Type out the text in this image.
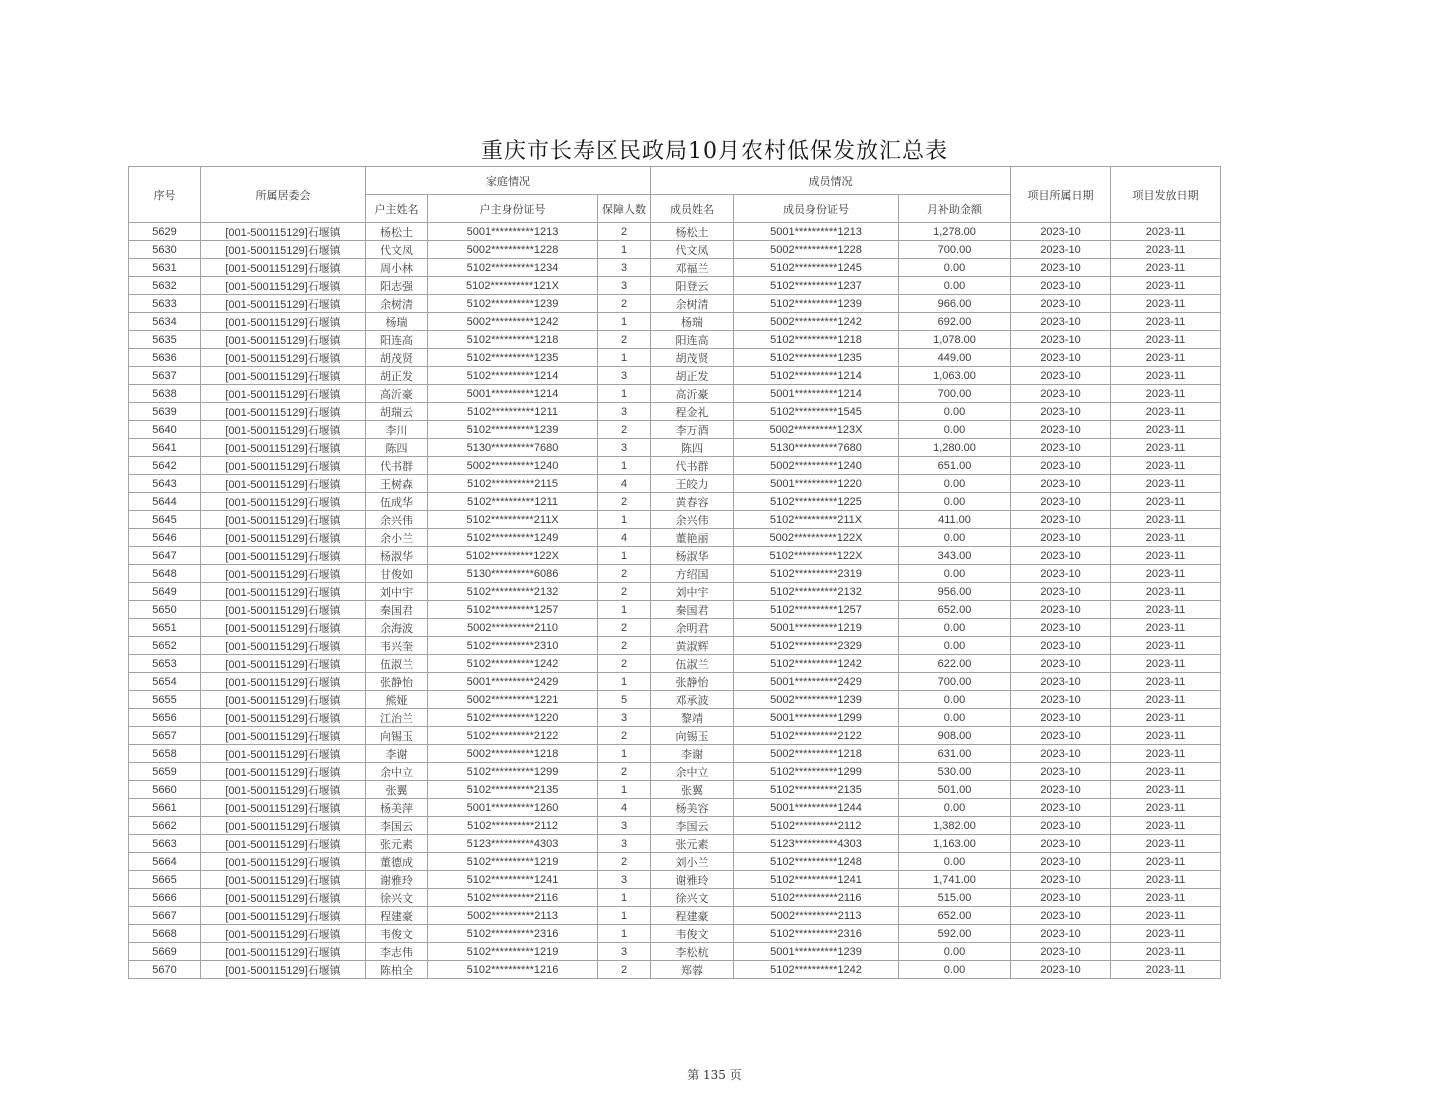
重庆市长寿区民政局10月农村低保发放汇总表
序号	所属居委会	家庭情况			成员情况			项目所属日期	项目发放日期
		户主姓名	户主身份证号	保障人数	成员姓名	成员身份证号	月补助金额		
5629	[001-500115129]石堰镇	杨松土	5001**********1213	2	杨松土	5001**********1213	1,278.00	2023-10	2023-11
5630	[001-500115129]石堰镇	代文凤	5002**********1228	1	代文凤	5002**********1228	700.00	2023-10	2023-11
5631	[001-500115129]石堰镇	周小林	5102**********1234	3	邓福兰	5102**********1245	0.00	2023-10	2023-11
5632	[001-500115129]石堰镇	阳志强	5102**********121X	3	阳登云	5102**********1237	0.00	2023-10	2023-11
5633	[001-500115129]石堰镇	余树清	5102**********1239	2	余树清	5102**********1239	966.00	2023-10	2023-11
5634	[001-500115129]石堰镇	杨瑞	5002**********1242	1	杨瑞	5002**********1242	692.00	2023-10	2023-11
5635	[001-500115129]石堰镇	阳连高	5102**********1218	2	阳连高	5102**********1218	1,078.00	2023-10	2023-11
5636	[001-500115129]石堰镇	胡茂贤	5102**********1235	1	胡茂贤	5102**********1235	449.00	2023-10	2023-11
5637	[001-500115129]石堰镇	胡正发	5102**********1214	3	胡正发	5102**********1214	1,063.00	2023-10	2023-11
5638	[001-500115129]石堰镇	高沂豪	5001**********1214	1	高沂豪	5001**********1214	700.00	2023-10	2023-11
5639	[001-500115129]石堰镇	胡瑞云	5102**********1211	3	程金礼	5102**********1545	0.00	2023-10	2023-11
5640	[001-500115129]石堰镇	李川	5102**********1239	2	李万酒	5002**********123X	0.00	2023-10	2023-11
5641	[001-500115129]石堰镇	陈四	5130**********7680	3	陈四	5130**********7680	1,280.00	2023-10	2023-11
5642	[001-500115129]石堰镇	代书群	5002**********1240	1	代书群	5002**********1240	651.00	2023-10	2023-11
5643	[001-500115129]石堰镇	王树森	5102**********2115	4	王皎力	5001**********1220	0.00	2023-10	2023-11
5644	[001-500115129]石堰镇	伍成华	5102**********1211	2	黄春容	5102**********1225	0.00	2023-10	2023-11
5645	[001-500115129]石堰镇	余兴伟	5102**********211X	1	余兴伟	5102**********211X	411.00	2023-10	2023-11
5646	[001-500115129]石堰镇	余小兰	5102**********1249	4	董艳丽	5002**********122X	0.00	2023-10	2023-11
5647	[001-500115129]石堰镇	杨淑华	5102**********122X	1	杨淑华	5102**********122X	343.00	2023-10	2023-11
5648	[001-500115129]石堰镇	甘俊如	5130**********6086	2	方绍国	5102**********2319	0.00	2023-10	2023-11
5649	[001-500115129]石堰镇	刘中宇	5102**********2132	2	刘中宇	5102**********2132	956.00	2023-10	2023-11
5650	[001-500115129]石堰镇	秦国君	5102**********1257	1	秦国君	5102**********1257	652.00	2023-10	2023-11
5651	[001-500115129]石堰镇	余海波	5002**********2110	2	余明君	5001**********1219	0.00	2023-10	2023-11
5652	[001-500115129]石堰镇	韦兴奎	5102**********2310	2	黄淑辉	5102**********2329	0.00	2023-10	2023-11
5653	[001-500115129]石堰镇	伍淑兰	5102**********1242	2	伍淑兰	5102**********1242	622.00	2023-10	2023-11
5654	[001-500115129]石堰镇	张静怡	5001**********2429	1	张静怡	5001**********2429	700.00	2023-10	2023-11
5655	[001-500115129]石堰镇	熊娅	5002**********1221	5	邓承波	5002**********1239	0.00	2023-10	2023-11
5656	[001-500115129]石堰镇	江治兰	5102**********1220	3	黎靖	5001**********1299	0.00	2023-10	2023-11
5657	[001-500115129]石堰镇	向锡玉	5102**********2122	2	向锡玉	5102**********2122	908.00	2023-10	2023-11
5658	[001-500115129]石堰镇	李谢	5002**********1218	1	李谢	5002**********1218	631.00	2023-10	2023-11
5659	[001-500115129]石堰镇	余中立	5102**********1299	2	余中立	5102**********1299	530.00	2023-10	2023-11
5660	[001-500115129]石堰镇	张翼	5102**********2135	1	张翼	5102**********2135	501.00	2023-10	2023-11
5661	[001-500115129]石堰镇	杨美萍	5001**********1260	4	杨美容	5001**********1244	0.00	2023-10	2023-11
5662	[001-500115129]石堰镇	李国云	5102**********2112	3	李国云	5102**********2112	1,382.00	2023-10	2023-11
5663	[001-500115129]石堰镇	张元素	5123**********4303	3	张元素	5123**********4303	1,163.00	2023-10	2023-11
5664	[001-500115129]石堰镇	董德成	5102**********1219	2	刘小兰	5102**********1248	0.00	2023-10	2023-11
5665	[001-500115129]石堰镇	谢雅玲	5102**********1241	3	谢雅玲	5102**********1241	1,741.00	2023-10	2023-11
5666	[001-500115129]石堰镇	徐兴文	5102**********2116	1	徐兴文	5102**********2116	515.00	2023-10	2023-11
5667	[001-500115129]石堰镇	程建豪	5002**********2113	1	程建豪	5002**********2113	652.00	2023-10	2023-11
5668	[001-500115129]石堰镇	韦俊文	5102**********2316	1	韦俊文	5102**********2316	592.00	2023-10	2023-11
5669	[001-500115129]石堰镇	李志伟	5102**********1219	3	李松杭	5001**********1239	0.00	2023-10	2023-11
5670	[001-500115129]石堰镇	陈柏全	5102**********1216	2	郑蓉	5102**********1242	0.00	2023-10	2023-11
第 135 页
